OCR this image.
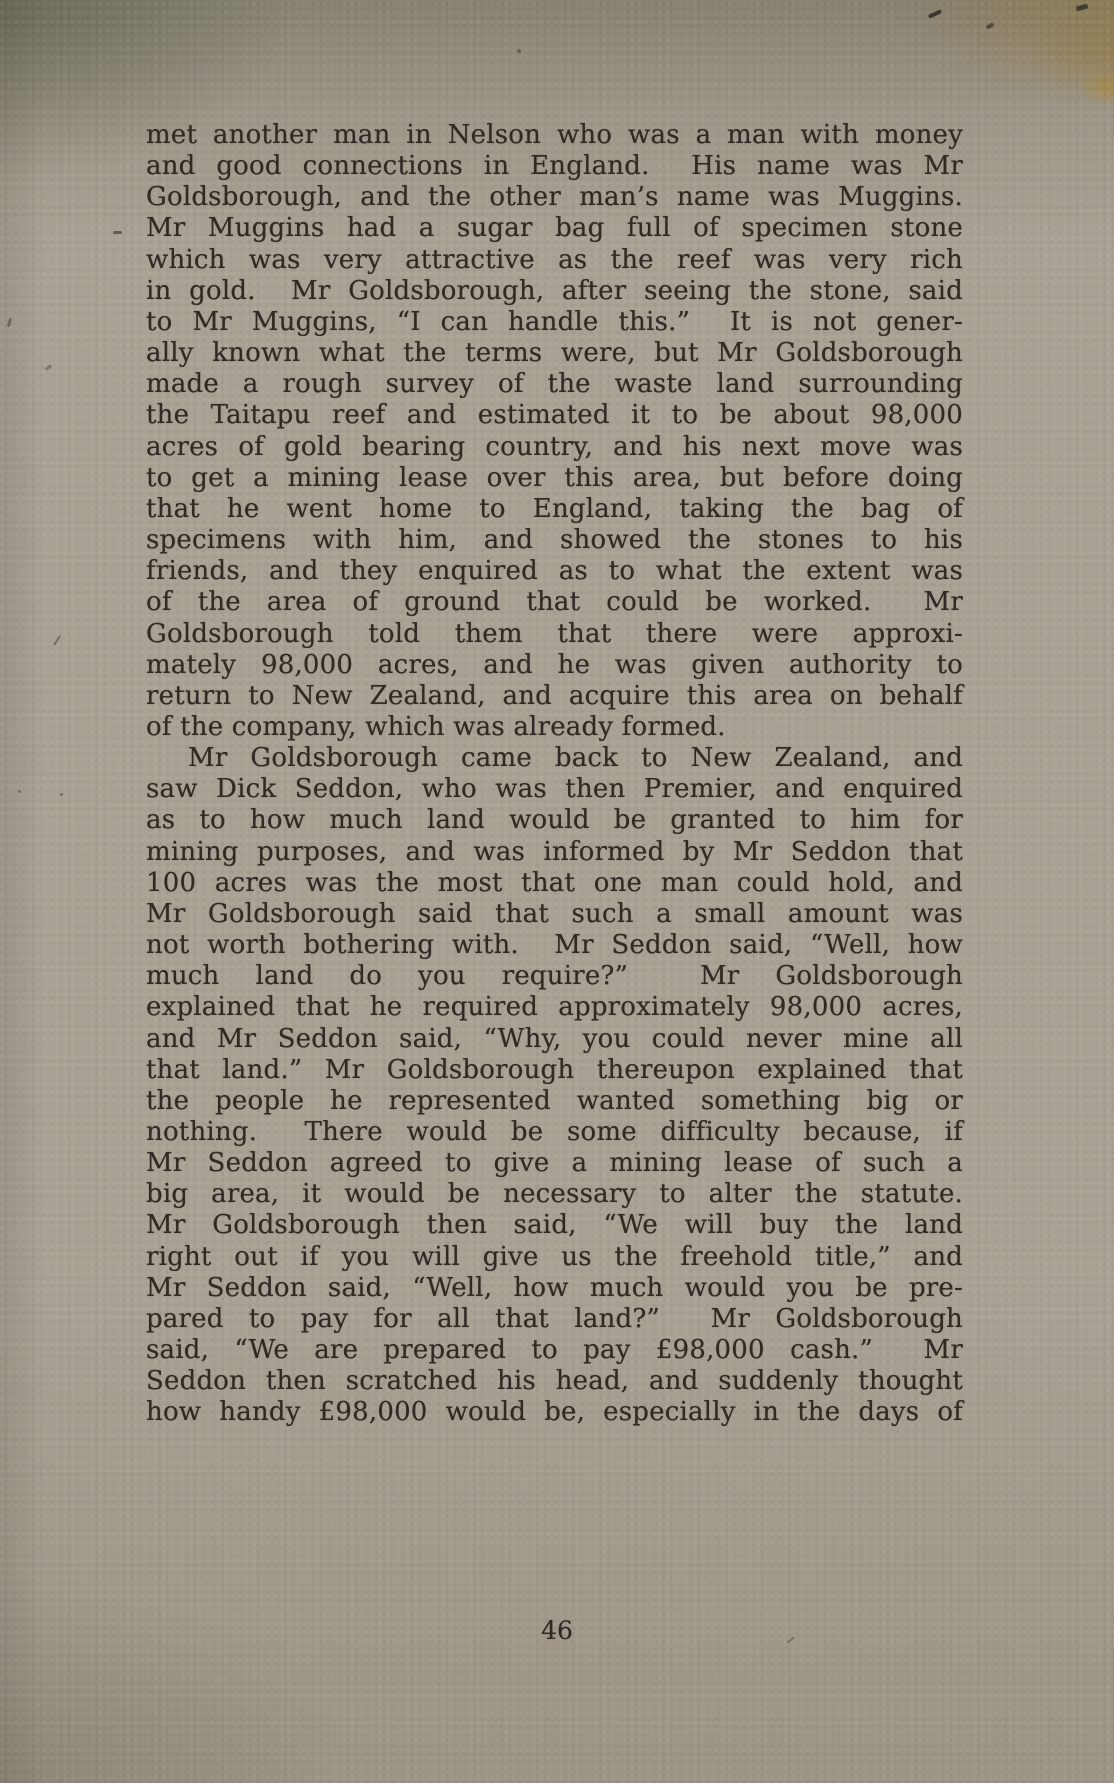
met another man in Nelson who was a man with money
and good connections in England.  His name was Mr
Goldsborough, and the other man’s name was Muggins.
Mr Muggins had a sugar bag full of specimen stone
which was very attractive as the reef was very rich
in gold.  Mr Goldsborough, after seeing the stone, said
to Mr Muggins, “I can handle this.”  It is not gener-
ally known what the terms were, but Mr Goldsborough
made a rough survey of the waste land surrounding
the Taitapu reef and estimated it to be about 98,000
acres of gold bearing country, and his next move was
to get a mining lease over this area, but before doing
that he went home to England, taking the bag of
specimens with him, and showed the stones to his
friends, and they enquired as to what the extent was
of the area of ground that could be worked.  Mr
Goldsborough told them that there were approxi-
mately 98,000 acres, and he was given authority to
return to New Zealand, and acquire this area on behalf
of the company, which was already formed.
Mr Goldsborough came back to New Zealand, and
saw Dick Seddon, who was then Premier, and enquired
as to how much land would be granted to him for
mining purposes, and was informed by Mr Seddon that
100 acres was the most that one man could hold, and
Mr Goldsborough said that such a small amount was
not worth bothering with.  Mr Seddon said, “Well, how
much land do you require?”  Mr Goldsborough
explained that he required approximately 98,000 acres,
and Mr Seddon said, “Why, you could never mine all
that land.” Mr Goldsborough thereupon explained that
the people he represented wanted something big or
nothing.  There would be some difficulty because, if
Mr Seddon agreed to give a mining lease of such a
big area, it would be necessary to alter the statute.
Mr Goldsborough then said, “We will buy the land
right out if you will give us the freehold title,” and
Mr Seddon said, “Well, how much would you be pre-
pared to pay for all that land?”  Mr Goldsborough
said, “We are prepared to pay £98,000 cash.”  Mr
Seddon then scratched his head, and suddenly thought
how handy £98,000 would be, especially in the days of
46
